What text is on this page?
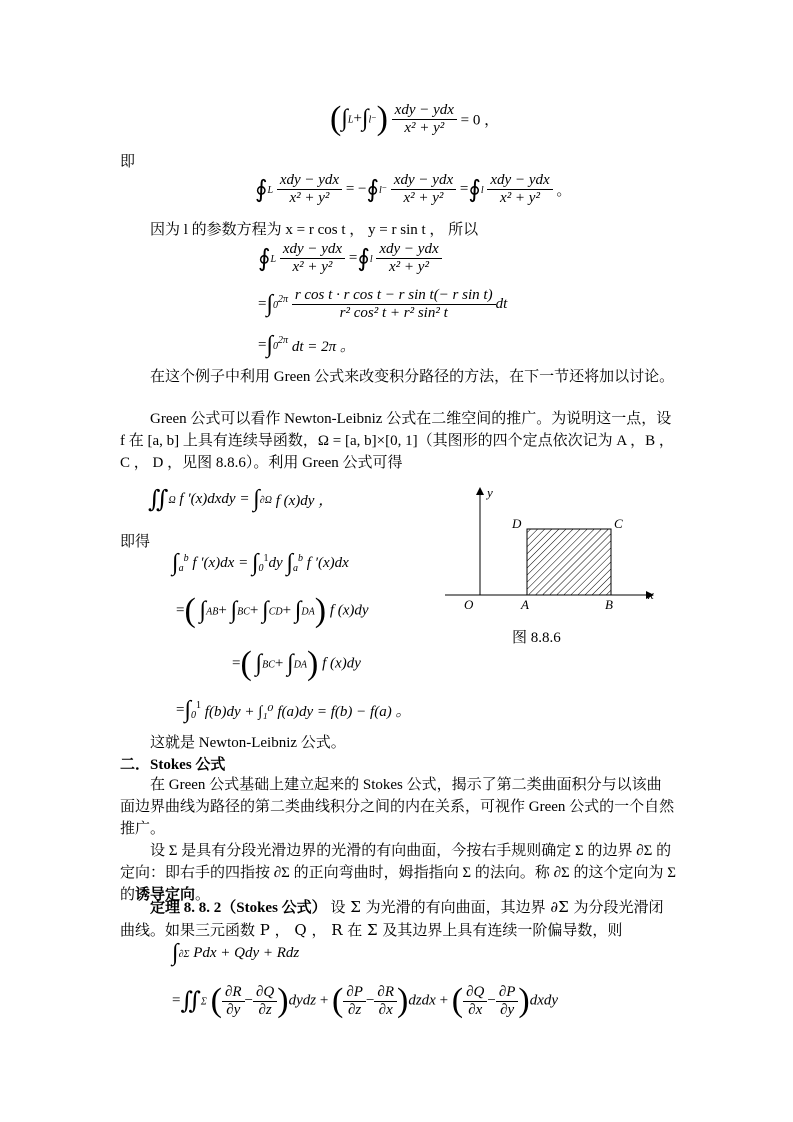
$(\int L+\int l^-) \frac{\text{xdy − ydx}}{\text{x² + y²}} = 0$ ，
即
∮L $\frac{\text{xdy − ydx}}{\text{x² + y²}}$ = −∮l⁻ $\frac{\text{xdy − ydx}}{\text{x² + y²}}$ =∮l $\frac{\text{xdy − ydx}}{\text{x² + y²}}$ 。
因为 l 的参数方程为 x = r cos t ， y = r sin t ， 所以
∮L $\frac{\text{xdy − ydx}}{\text{x² + y²}}$ =∮l $\frac{\text{xdy − ydx}}{\text{x² + y²}}$
$=\int 0^{2\pi} \frac{\text{r cos t · r cos t − r sin t(− r sin t)}}{\text{r² cos² t + r² sin² t}}$ dt
$=\int 0^{2\pi}$ dt = 2π 。
在这个例子中利用 Green 公式来改变积分路径的方法，在下一节还将加以讨论。
Green 公式可以看作 Newton-Leibniz 公式在二维空间的推广。为说明这一点，设 f 在 [a, b] 上具有连续导函数，Ω = [a, b]×[0, 1]（其图形的四个定点依次记为 A ，B ， C ， D ，见图 8.8.6）。利用 Green 公式可得
∬Ω f ′(x)dxdy = ∫∂Ω f (x)dy ，
即得
$\int_a^b$ f $'(x)dx = \int_0^1dy$ $\int_a^b$ f ′(x)dx
=( ∫AB+ ∫BC+ ∫CD+ ∫DA) f (x)dy
=( ∫BC+ ∫DA) f (x)dy
$=\int_0^1$ f(b)dy + ∫₁⁰ f(a)dy = f(b) − f(a) 。
这就是 Newton-Leibniz 公式。
二．Stokes 公式
在 Green 公式基础上建立起来的 Stokes 公式，揭示了第二类曲面积分与以该曲面边界曲线为路径的第二类曲线积分之间的内在关系，可视作 Green 公式的一个自然推广。
设 Σ 是具有分段光滑边界的光滑的有向曲面，今按右手规则确定 Σ 的边界 ∂Σ 的定向：即右手的四指按 ∂Σ 的正向弯曲时，姆指指向 Σ 的法向。称 ∂Σ 的这个定向为 Σ 的诱导定向。
定理 8. 8. 2（Stokes 公式） 设 Σ 为光滑的有向曲面，其边界 ∂Σ 为分段光滑闭曲线。如果三元函数 P ， Q ， R 在 Σ 及其边界上具有连续一阶偏导数，则
∫∂Σ Pdx + Qdy + Rdz
=∬Σ ( $\frac{\partial R}{\partial y} - \frac{\partial Q}{\partial z}$ )dydz + ( $\frac{\partial P}{\partial z} - \frac{\partial R}{\partial x}$ )dzdx + ( $\frac{\partial Q}{\partial x} - \frac{\partial P}{\partial y}$ )dxdy
y
x
O	A	B
C
D
图 8.8.6
